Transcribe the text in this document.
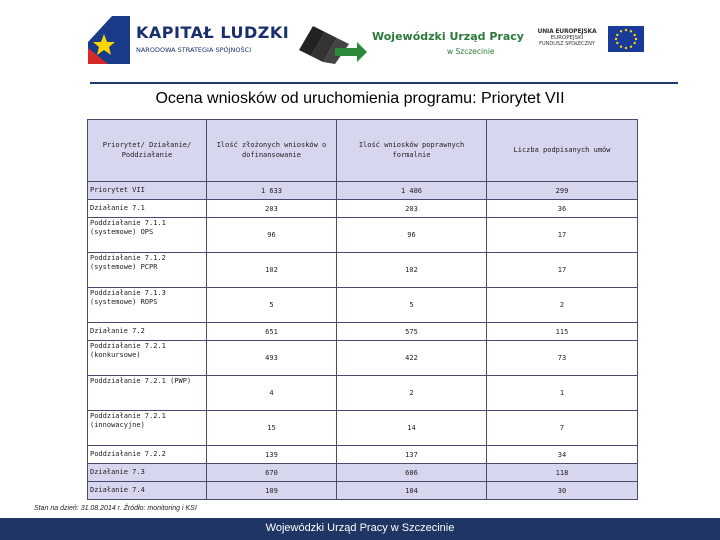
KAPITAŁ LUDZKI
NARODOWA STRATEGIA SPÓJNOŚCI
Wojewódzki Urząd Pracy
w Szczecinie
UNIA EUROPEJSKA
EUROPEJSKI
FUNDUSZ SPOŁECZNY
Ocena wniosków od uruchomienia programu: Priorytet VII
Priorytet/ Działanie/ Poddziałanie	Ilość złożonych wniosków o dofinansowanie	Ilość wniosków poprawnych formalnie	Liczba podpisanych umów
Priorytet VII	1 633	1 486	299
Działanie 7.1	203	203	36
Poddziałanie 7.1.1 (systemowe) OPS	96	96	17
Poddziałanie 7.1.2 (systemowe) PCPR	102	102	17
Poddziałanie 7.1.3 (systemowe) ROPS	5	5	2
Działanie 7.2	651	575	115
Poddziałanie 7.2.1 (konkursowe)	493	422	73
Poddziałanie 7.2.1 (PWP)	4	2	1
Poddziałanie 7.2.1 (innowacyjne)	15	14	7
Poddziałanie 7.2.2	139	137	34
Działanie 7.3	670	606	118
Działanie 7.4	109	104	30
Stan na dzień: 31.08.2014 r. Źródło: monitoring i KSI
Wojewódzki Urząd Pracy w Szczecinie
